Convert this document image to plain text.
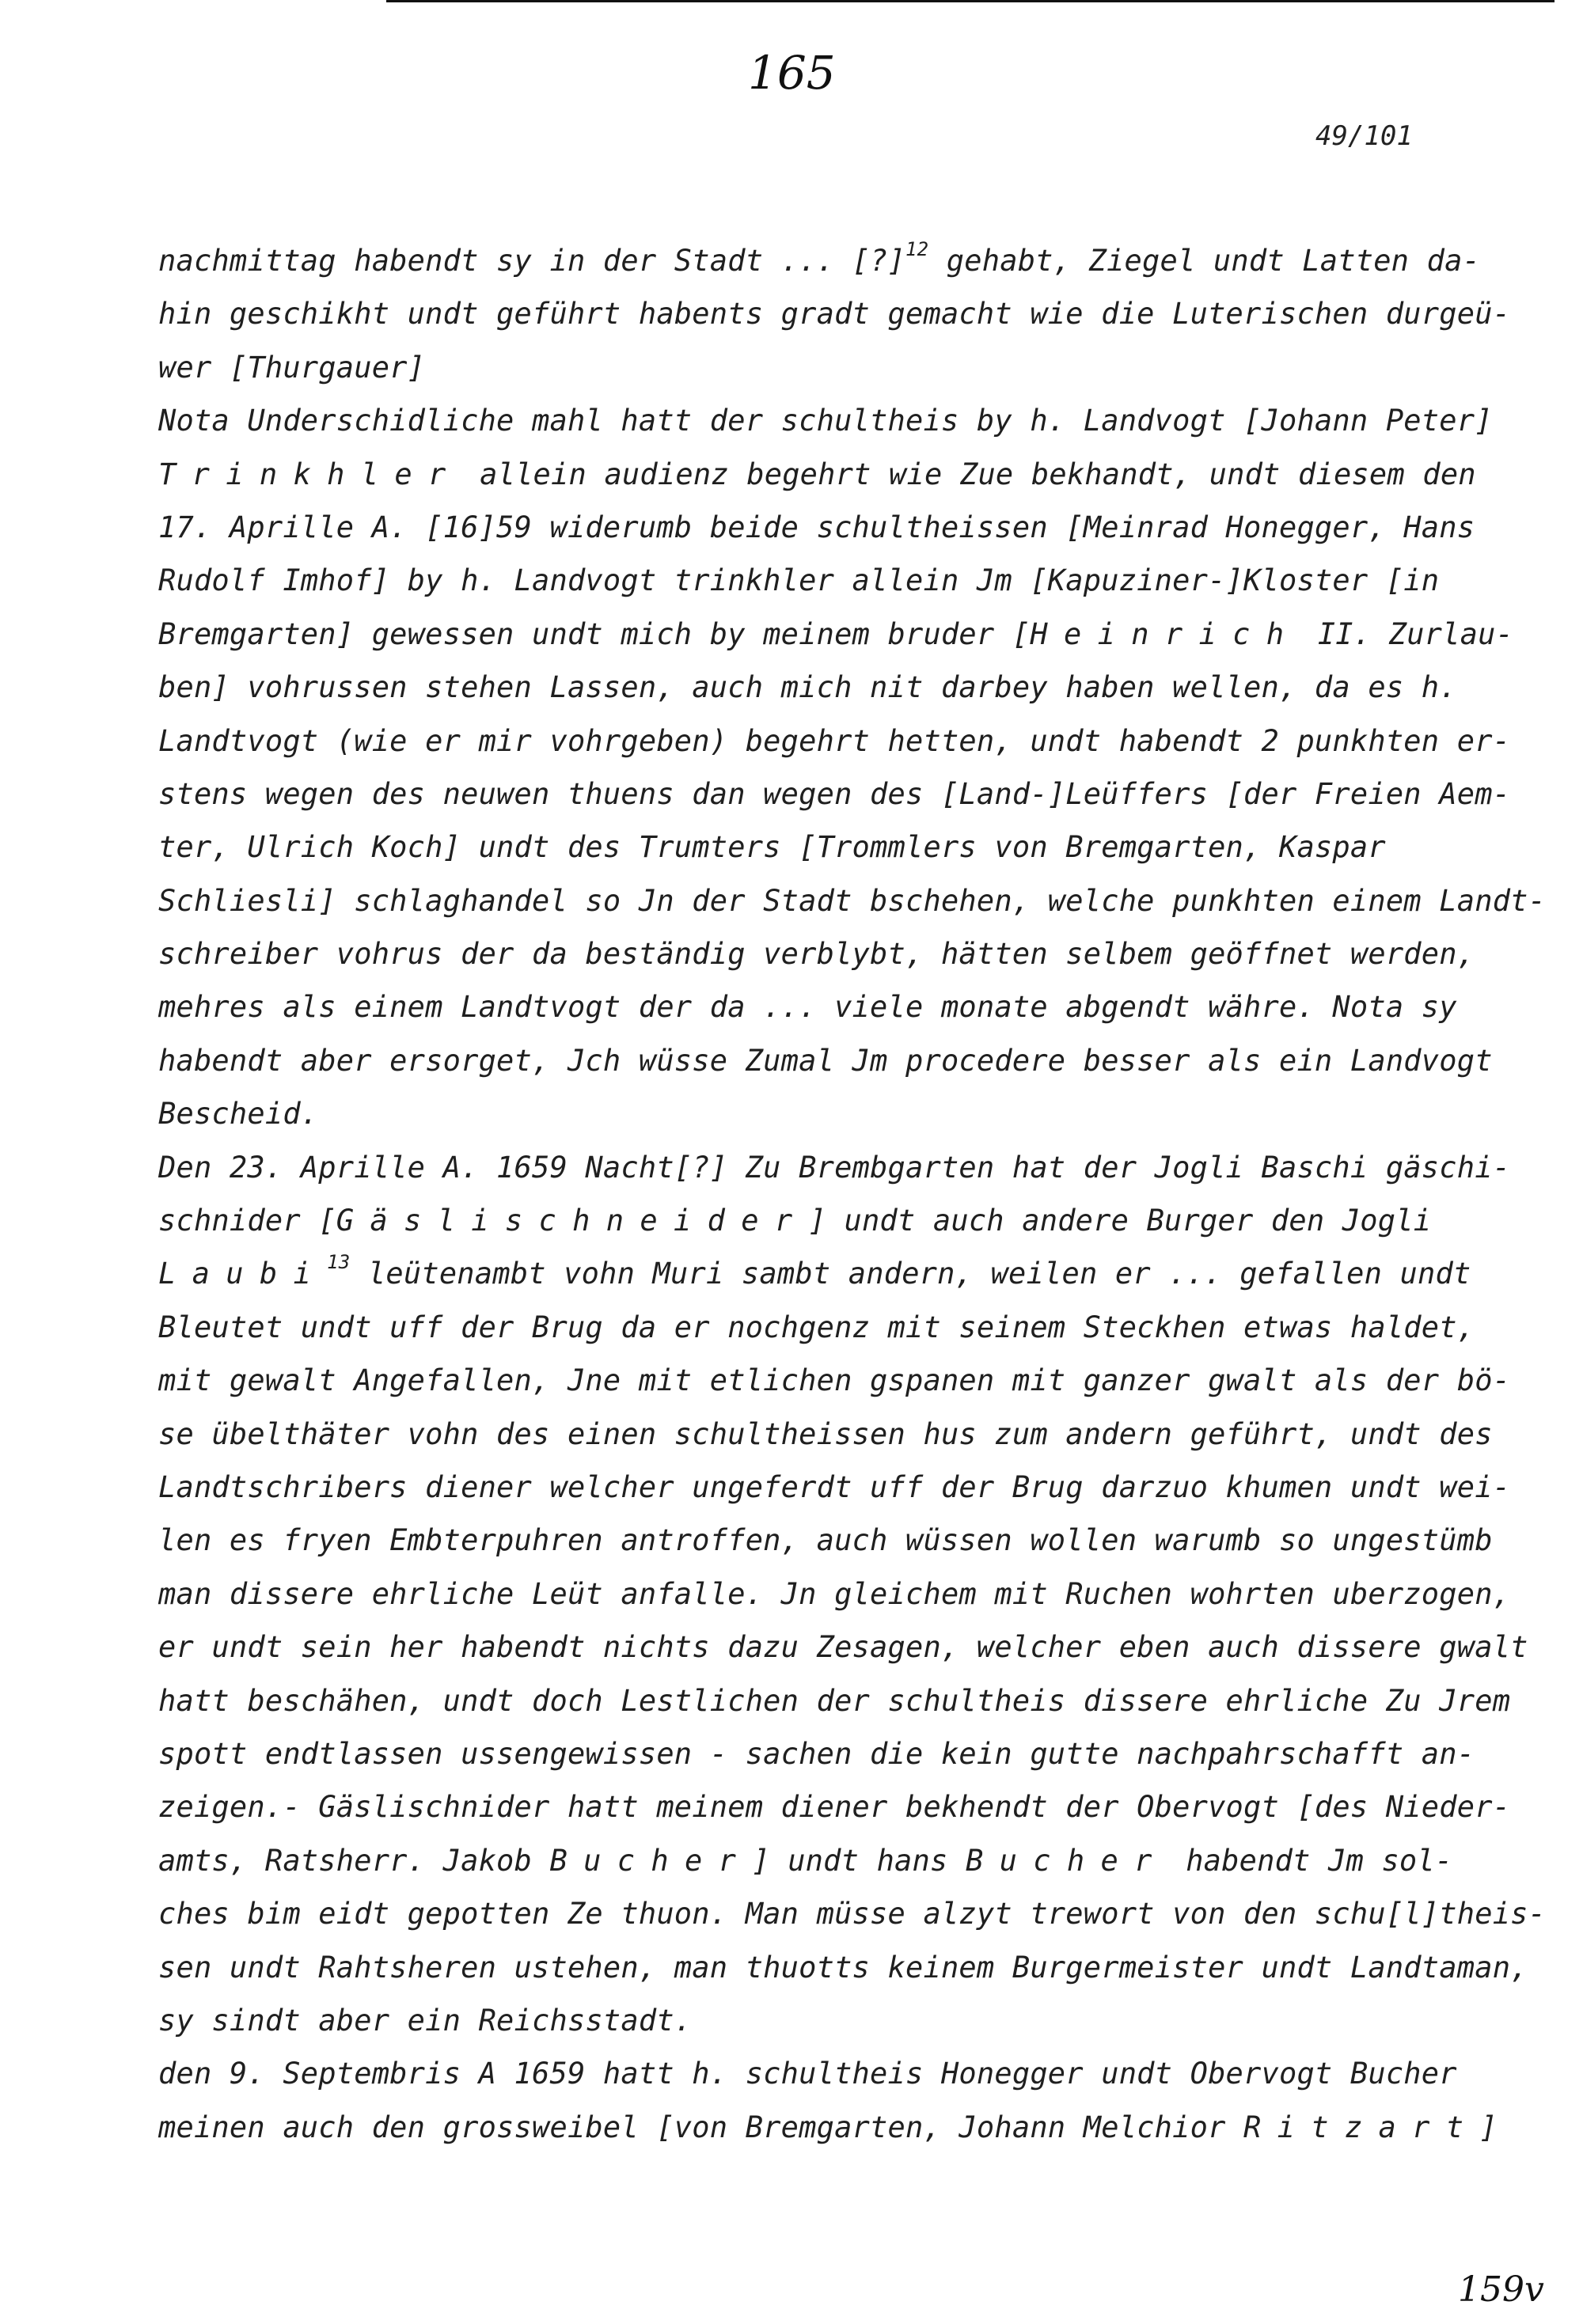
165
49/101
nachmittag habendt sy in der Stadt ... [?]$^{12}$ gehabt, Ziegel undt Latten da-
hin geschikht undt geführt habents gradt gemacht wie die Luterischen durgeü-
wer [Thurgauer]
Nota Underschidliche mahl hatt der schultheis by h. Landvogt [Johann Peter]
Trinkhler allein audienz begehrt wie Zue bekhandt, undt diesem den
17. Aprille A. [16]59 widerumb beide schultheissen [Meinrad Honegger, Hans
Rudolf Imhof] by h. Landvogt trinkhler allein Jm [Kapuziner-]Kloster [in
Bremgarten] gewessen undt mich by meinem bruder [Heinrich II. Zurlau-
ben] vohrussen stehen Lassen, auch mich nit darbey haben wellen, da es h.
Landtvogt (wie er mir vohrgeben) begehrt hetten, undt habendt 2 punkhten er-
stens wegen des neuwen thuens dan wegen des [Land-]Leüffers [der Freien Aem-
ter, Ulrich Koch] undt des Trumters [Trommlers von Bremgarten, Kaspar
Schliesli] schlaghandel so Jn der Stadt bschehen, welche punkhten einem Landt-
schreiber vohrus der da beständig verblybt, hätten selbem geöffnet werden,
mehres als einem Landtvogt der da ... viele monate abgendt währe. Nota sy
habendt aber ersorget, Jch wüsse Zumal Jm procedere besser als ein Landvogt
Bescheid.
Den 23. Aprille A. 1659 Nacht[?] Zu Brembgarten hat der Jogli Baschi gäschi-
schnider [Gäslischneider] undt auch andere Burger den Jogli
Laubi$^{13}$ leütenambt vohn Muri sambt andern, weilen er ... gefallen undt
Bleutet undt uff der Brug da er nochgenz mit seinem Steckhen etwas haldet,
mit gewalt Angefallen, Jne mit etlichen gspanen mit ganzer gwalt als der bö-
se übelthäter vohn des einen schultheissen hus zum andern geführt, undt des
Landtschribers diener welcher ungeferdt uff der Brug darzuo khumen undt wei-
len es fryen Embterpuhren antroffen, auch wüssen wollen warumb so ungestümb
man dissere ehrliche Leüt anfalle. Jn gleichem mit Ruchen wohrten uberzogen,
er undt sein her habendt nichts dazu Zesagen, welcher eben auch dissere gwalt
hatt beschähen, undt doch Lestlichen der schultheis dissere ehrliche Zu Jrem
spott endtlassen ussengewissen - sachen die kein gutte nachpahrschafft an-
zeigen.- Gäslischnider hatt meinem diener bekhendt der Obervogt [des Nieder-
amts, Ratsherr. Jakob Bucher] undt hans Bucher habendt Jm sol-
ches bim eidt gepotten Ze thuon. Man müsse alzyt trewort von den schu[l]theis-
sen undt Rahtsheren ustehen, man thuotts keinem Burgermeister undt Landtaman,
sy sindt aber ein Reichsstadt.
den 9. Septembris A 1659 hatt h. schultheis Honegger undt Obervogt Bucher
meinen auch den grossweibel [von Bremgarten, Johann Melchior Ritzart]
159v
